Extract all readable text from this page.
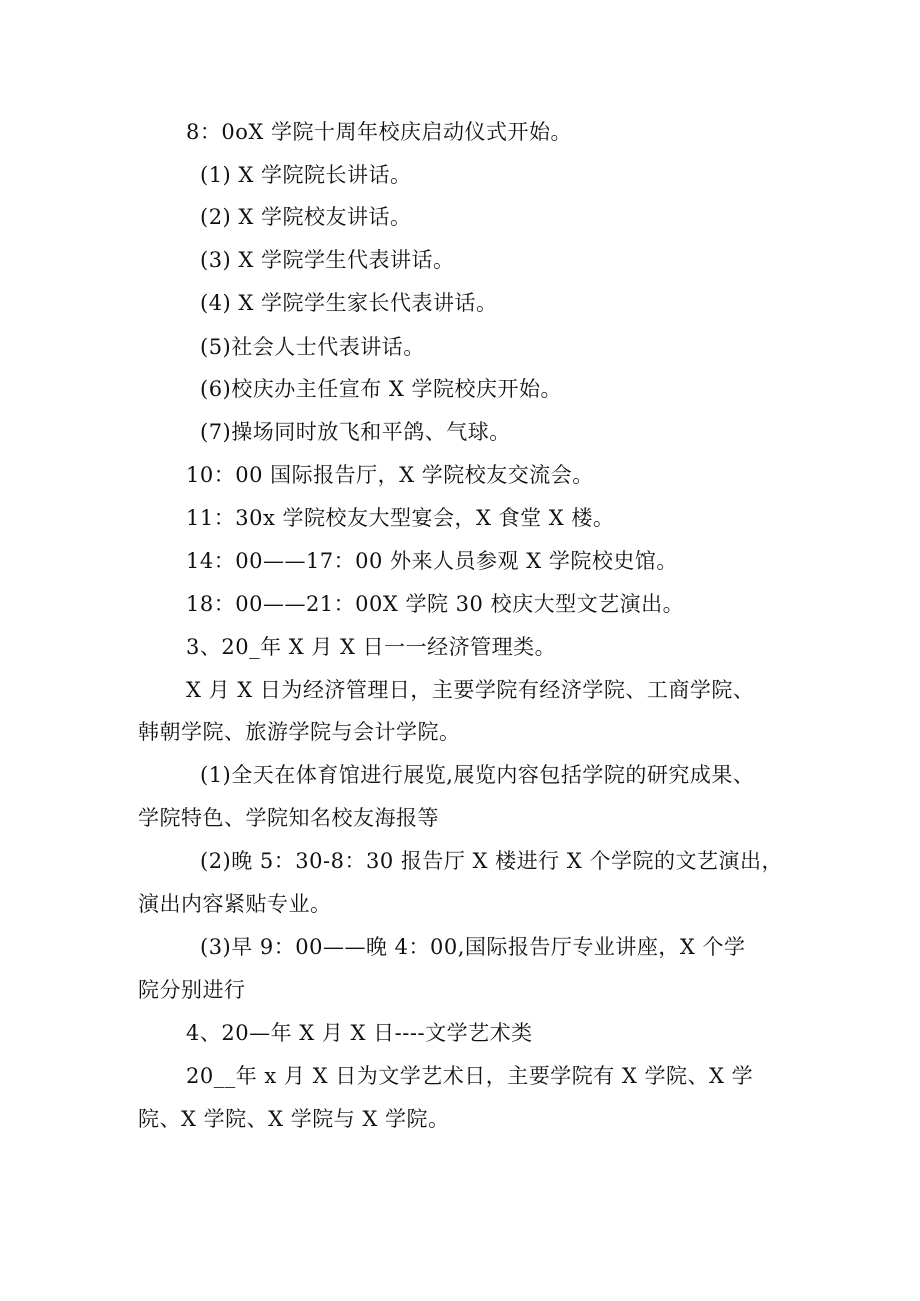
8：0oX 学院十周年校庆启动仪式开始。
(1) X 学院院长讲话。
(2) X 学院校友讲话。
(3) X 学院学生代表讲话。
(4) X 学院学生家长代表讲话。
(5)社会人士代表讲话。
(6)校庆办主任宣布 X 学院校庆开始。
(7)操场同时放飞和平鸽、气球。
10：00 国际报告厅，X 学院校友交流会。
11：30x 学院校友大型宴会，X 食堂 X 楼。
14：00——17：00 外来人员参观 X 学院校史馆。
18：00——21：00X 学院 30 校庆大型文艺演出。
3、20_年 X 月 X 日一一经济管理类。
X 月 X 日为经济管理日，主要学院有经济学院、工商学院、
韩朝学院、旅游学院与会计学院。
(1)全天在体育馆进行展览,展览内容包括学院的研究成果、
学院特色、学院知名校友海报等
(2)晚 5：30-8：30 报告厅 X 楼进行 X 个学院的文艺演出，
演出内容紧贴专业。
(3)早 9：00——晚 4：00,国际报告厅专业讲座，X 个学
院分别进行
4、20—年 X 月 X 日----文学艺术类
20__年 x 月 X 日为文学艺术日，主要学院有 X 学院、X 学
院、X 学院、X 学院与 X 学院。
